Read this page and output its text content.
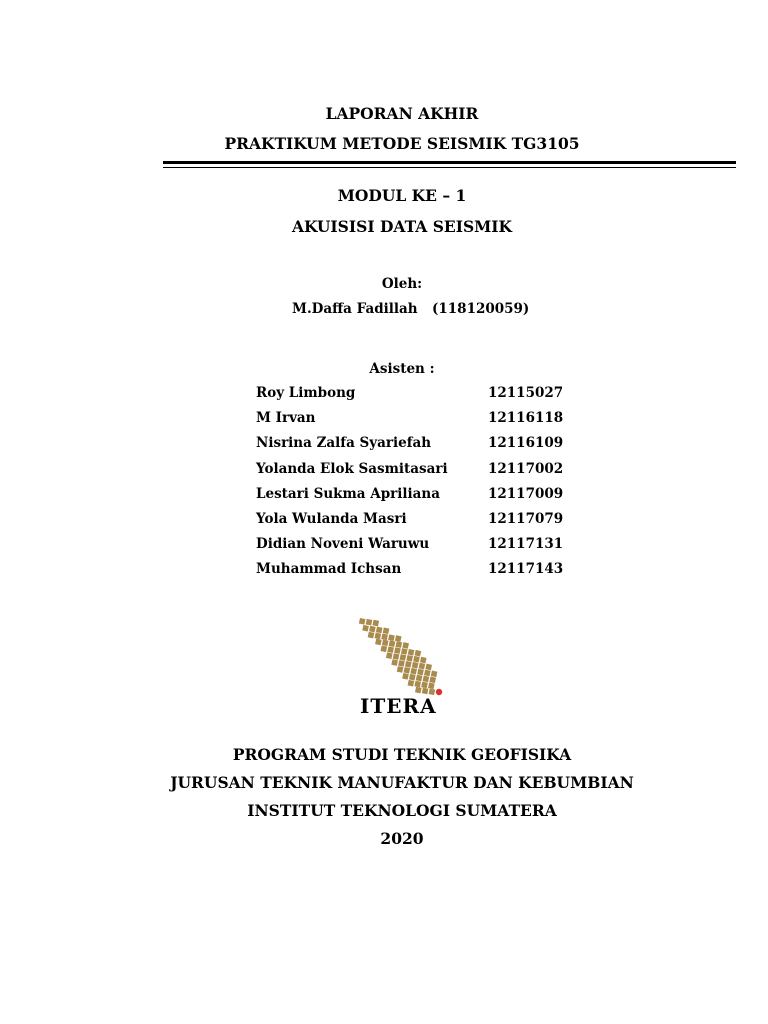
LAPORAN AKHIR
PRAKTIKUM METODE SEISMIK TG3105
MODUL KE – 1
AKUISISI DATA SEISMIK
Oleh:
M.Daffa Fadillah (118120059)
Asisten :
Roy Limbong	12115027
M Irvan	12116118
Nisrina Zalfa Syariefah	12116109
Yolanda Elok Sasmitasari	12117002
Lestari Sukma Apriliana	12117009
Yola Wulanda Masri	12117079
Didian Noveni Waruwu	12117131
Muhammad Ichsan	12117143
ITERA
PROGRAM STUDI TEKNIK GEOFISIKA
JURUSAN TEKNIK MANUFAKTUR DAN KEBUMBIAN
INSTITUT TEKNOLOGI SUMATERA
2020
